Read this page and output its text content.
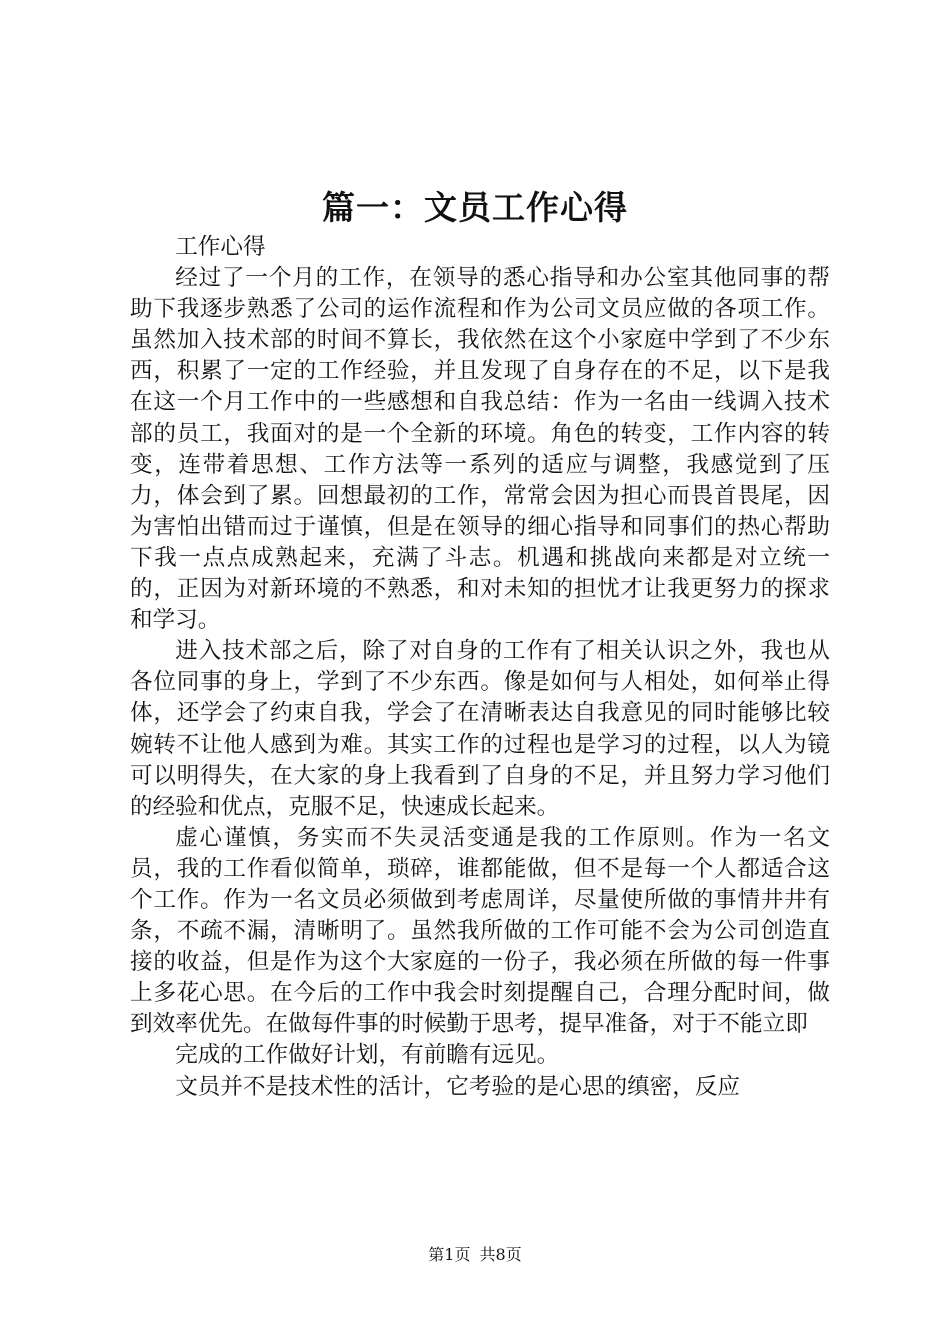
篇一：文员工作心得

工作心得

经过了一个月的工作，在领导的悉心指导和办公室其他同事的帮助下我逐步熟悉了公司的运作流程和作为公司文员应做的各项工作。虽然加入技术部的时间不算长，我依然在这个小家庭中学到了不少东西，积累了一定的工作经验，并且发现了自身存在的不足，以下是我在这一个月工作中的一些感想和自我总结：作为一名由一线调入技术部的员工，我面对的是一个全新的环境。角色的转变，工作内容的转变，连带着思想、工作方法等一系列的适应与调整，我感觉到了压力，体会到了累。回想最初的工作，常常会因为担心而畏首畏尾，因为害怕出错而过于谨慎，但是在领导的细心指导和同事们的热心帮助下我一点点成熟起来，充满了斗志。机遇和挑战向来都是对立统一的，正因为对新环境的不熟悉，和对未知的担忧才让我更努力的探求和学习。

进入技术部之后，除了对自身的工作有了相关认识之外，我也从各位同事的身上，学到了不少东西。像是如何与人相处，如何举止得体，还学会了约束自我，学会了在清晰表达自我意见的同时能够比较婉转不让他人感到为难。其实工作的过程也是学习的过程，以人为镜可以明得失，在大家的身上我看到了自身的不足，并且努力学习他们的经验和优点，克服不足，快速成长起来。

虚心谨慎，务实而不失灵活变通是我的工作原则。作为一名文员，我的工作看似简单，琐碎，谁都能做，但不是每一个人都适合这个工作。作为一名文员必须做到考虑周详，尽量使所做的事情井井有条，不疏不漏，清晰明了。虽然我所做的工作可能不会为公司创造直接的收益，但是作为这个大家庭的一份子，我必须在所做的每一件事上多花心思。在今后的工作中我会时刻提醒自己，合理分配时间，做到效率优先。在做每件事的时候勤于思考，提早准备，对于不能立即

完成的工作做好计划，有前瞻有远见。

文员并不是技术性的活计，它考验的是心思的缜密，反应

第1页 共8页
